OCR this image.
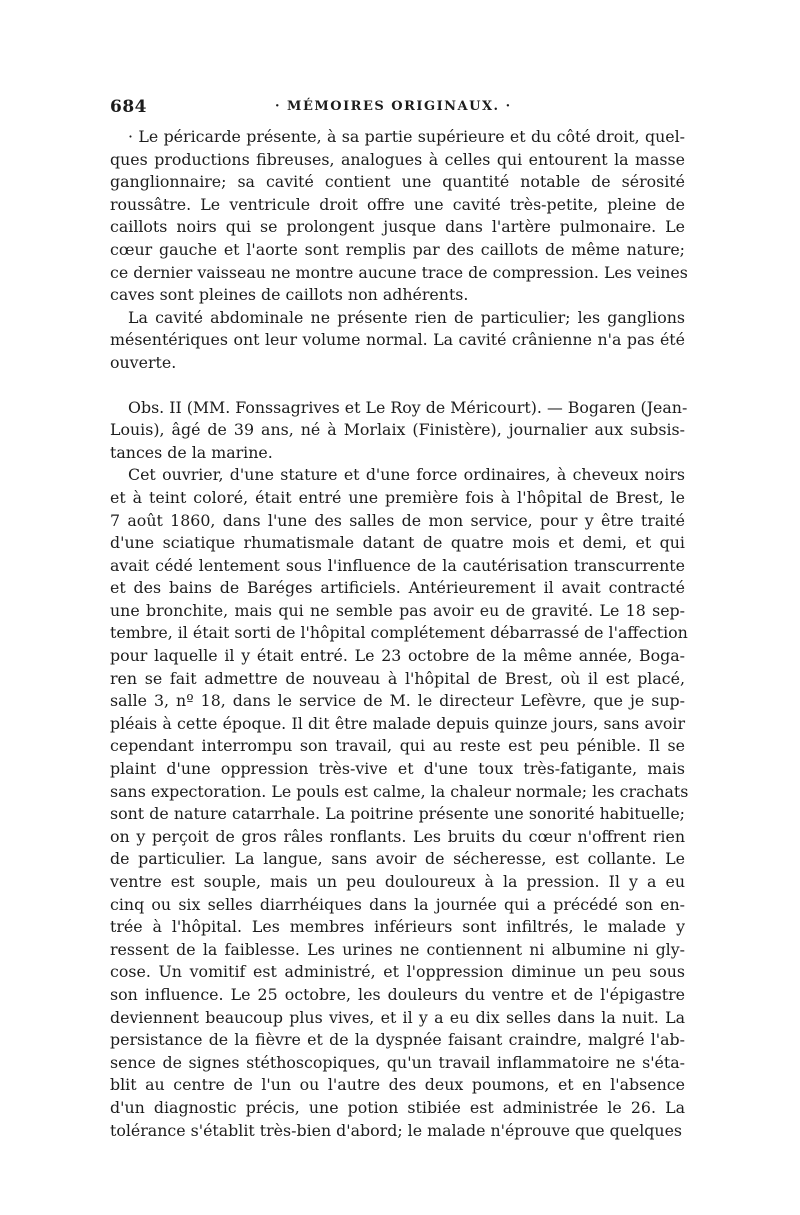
684	· MÉMOIRES ORIGINAUX. ·
· Le péricarde présente, à sa partie supérieure et du côté droit, quel-
ques productions fibreuses, analogues à celles qui entourent la masse
ganglionnaire; sa cavité contient une quantité notable de sérosité
roussâtre. Le ventricule droit offre une cavité très-petite, pleine de
caillots noirs qui se prolongent jusque dans l'artère pulmonaire. Le
cœur gauche et l'aorte sont remplis par des caillots de même nature;
ce dernier vaisseau ne montre aucune trace de compression. Les veines
caves sont pleines de caillots non adhérents.
La cavité abdominale ne présente rien de particulier; les ganglions
mésentériques ont leur volume normal. La cavité crânienne n'a pas été
ouverte.
Obs. II (MM. Fonssagrives et Le Roy de Méricourt). — Bogaren (Jean-
Louis), âgé de 39 ans, né à Morlaix (Finistère), journalier aux subsis-
tances de la marine.
Cet ouvrier, d'une stature et d'une force ordinaires, à cheveux noirs
et à teint coloré, était entré une première fois à l'hôpital de Brest, le
7 août 1860, dans l'une des salles de mon service, pour y être traité
d'une sciatique rhumatismale datant de quatre mois et demi, et qui
avait cédé lentement sous l'influence de la cautérisation transcurrente
et des bains de Baréges artificiels. Antérieurement il avait contracté
une bronchite, mais qui ne semble pas avoir eu de gravité. Le 18 sep-
tembre, il était sorti de l'hôpital complétement débarrassé de l'affection
pour laquelle il y était entré. Le 23 octobre de la même année, Boga-
ren se fait admettre de nouveau à l'hôpital de Brest, où il est placé,
salle 3, nº 18, dans le service de M. le directeur Lefèvre, que je sup-
pléais à cette époque. Il dit être malade depuis quinze jours, sans avoir
cependant interrompu son travail, qui au reste est peu pénible. Il se
plaint d'une oppression très-vive et d'une toux très-fatigante, mais
sans expectoration. Le pouls est calme, la chaleur normale; les crachats
sont de nature catarrhale. La poitrine présente une sonorité habituelle;
on y perçoit de gros râles ronflants. Les bruits du cœur n'offrent rien
de particulier. La langue, sans avoir de sécheresse, est collante. Le
ventre est souple, mais un peu douloureux à la pression. Il y a eu
cinq ou six selles diarrhéiques dans la journée qui a précédé son en-
trée à l'hôpital. Les membres inférieurs sont infiltrés, le malade y
ressent de la faiblesse. Les urines ne contiennent ni albumine ni gly-
cose. Un vomitif est administré, et l'oppression diminue un peu sous
son influence. Le 25 octobre, les douleurs du ventre et de l'épigastre
deviennent beaucoup plus vives, et il y a eu dix selles dans la nuit. La
persistance de la fièvre et de la dyspnée faisant craindre, malgré l'ab-
sence de signes stéthoscopiques, qu'un travail inflammatoire ne s'éta-
blit au centre de l'un ou l'autre des deux poumons, et en l'absence
d'un diagnostic précis, une potion stibiée est administrée le 26. La
tolérance s'établit très-bien d'abord; le malade n'éprouve que quelques
